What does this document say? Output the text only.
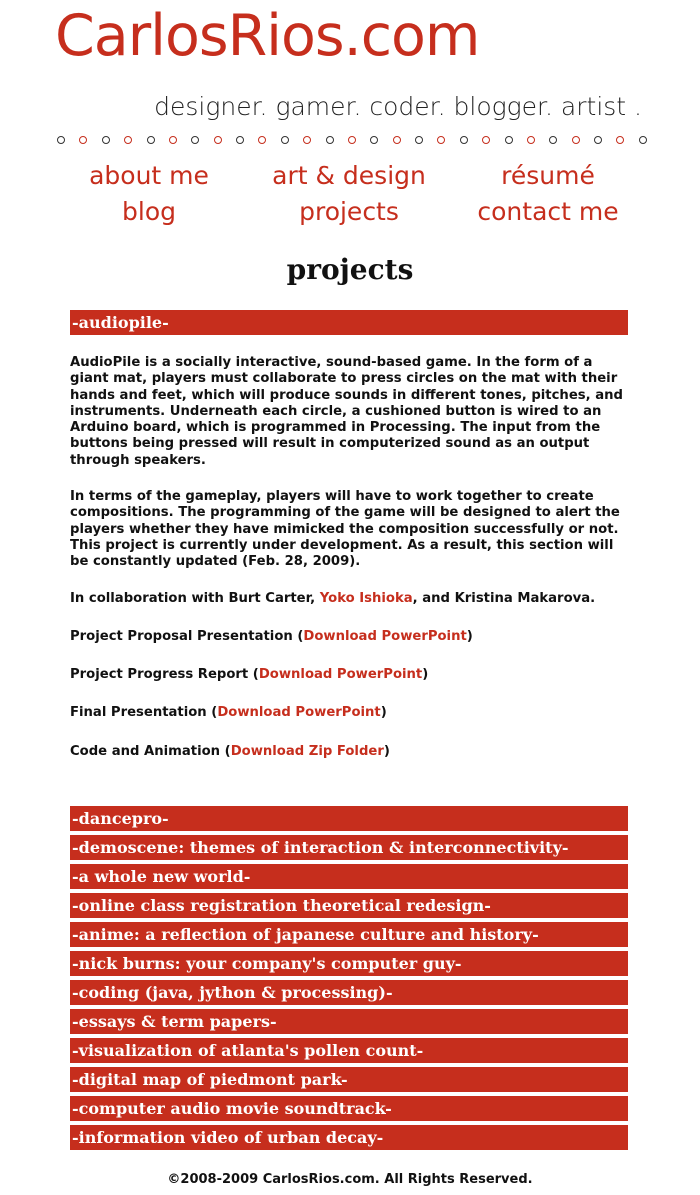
CarlosRios.com
designer. gamer. coder. blogger. artist .
about me
blog
art & design
projects
résumé
contact me
projects
-audiopile-

AudioPile is a socially interactive, sound-based game. In the form of a giant mat, players must collaborate to press circles on the mat with their hands and feet, which will produce sounds in different tones, pitches, and instruments. Underneath each circle, a cushioned button is wired to an Arduino board, which is programmed in Processing. The input from the buttons being pressed will result in computerized sound as an output through speakers.

In terms of the gameplay, players will have to work together to create compositions. The programming of the game will be designed to alert the players whether they have mimicked the composition successfully or not. This project is currently under development. As a result, this section will be constantly updated (Feb. 28, 2009).

In collaboration with Burt Carter, Yoko Ishioka, and Kristina Makarova.
Project Proposal Presentation (Download PowerPoint)
Project Progress Report (Download PowerPoint)
Final Presentation (Download PowerPoint)
Code and Animation (Download Zip Folder)
-dancepro-
-demoscene: themes of interaction & interconnectivity-
-a whole new world-
-online class registration theoretical redesign-
-anime: a reflection of japanese culture and history-
-nick burns: your company's computer guy-
-coding (java, jython & processing)-
-essays & term papers-
-visualization of atlanta's pollen count-
-digital map of piedmont park-
-computer audio movie soundtrack-
-information video of urban decay-
©2008-2009 CarlosRios.com. All Rights Reserved.
